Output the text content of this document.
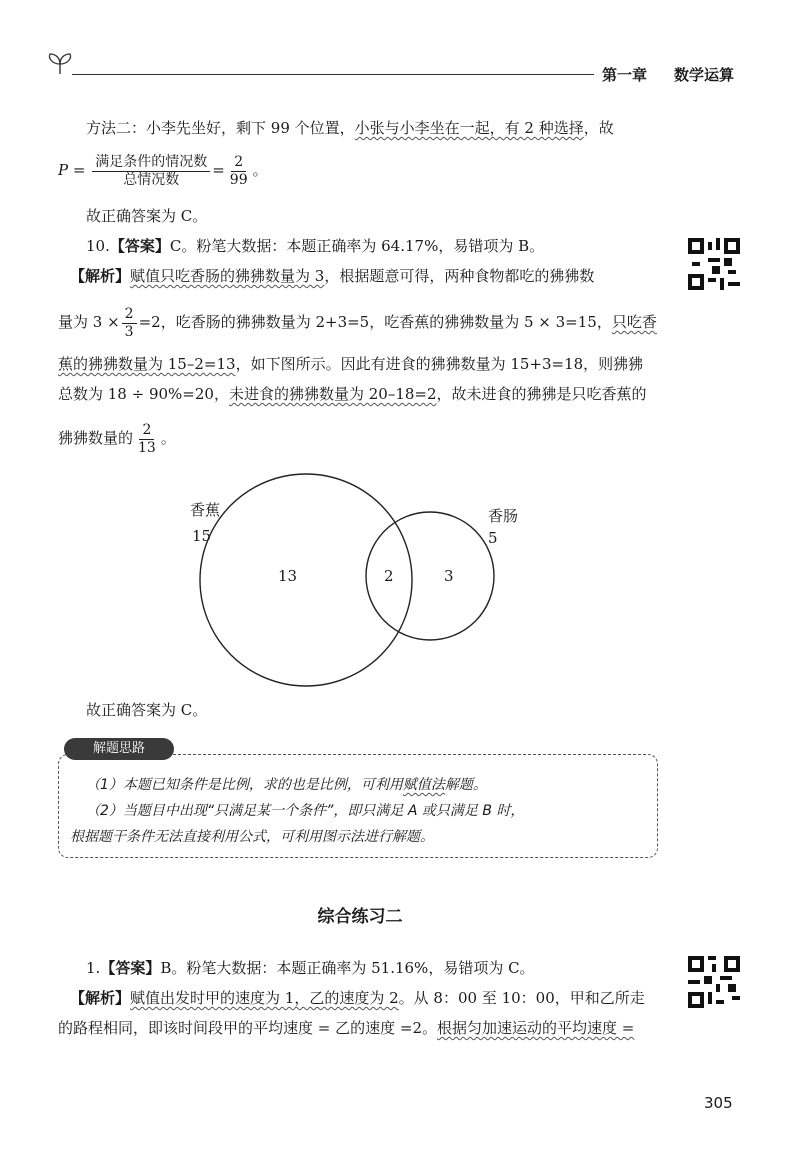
第一章 数学运算
方法二：小李先坐好，剩下 99 个位置，小张与小李坐在一起，有 2 种选择，故
$P = \frac{\text{满足条件的情况数}}{\text{总情况数}} = \frac{2}{99}$ 。
故正确答案为 C。
10.【答案】C。粉笔大数据：本题正确率为 64.17%，易错项为 B。
【解析】赋值只吃香肠的狒狒数量为 3，根据题意可得，两种食物都吃的狒狒数
量为 $3 \times \frac{2}{3} =2$，吃香肠的狒狒数量为 2+3=5，吃香蕉的狒狒数量为 5 × 3=15，只吃香
蕉的狒狒数量为 15–2=13，如下图所示。因此有进食的狒狒数量为 15+3=18，则狒狒
总数为 18 ÷ 90%=20，未进食的狒狒数量为 20–18=2，故未进食的狒狒是只吃香蕉的
狒狒数量的 $\frac{2}{13}$ 。
香蕉
15
香肠
5
13	2	3
故正确答案为 C。
解题思路
（1）本题已知条件是比例，求的也是比例，可利用赋值法解题。
（2）当题目中出现“只满足某一个条件”，即只满足 A 或只满足 B 时，
根据题干条件无法直接利用公式，可利用图示法进行解题。
综合练习二
1.【答案】B。粉笔大数据：本题正确率为 51.16%，易错项为 C。
【解析】赋值出发时甲的速度为 1，乙的速度为 2。从 8：00 至 10：00，甲和乙所走
的路程相同，即该时间段甲的平均速度 = 乙的速度 =2。根据匀加速运动的平均速度 =
305
